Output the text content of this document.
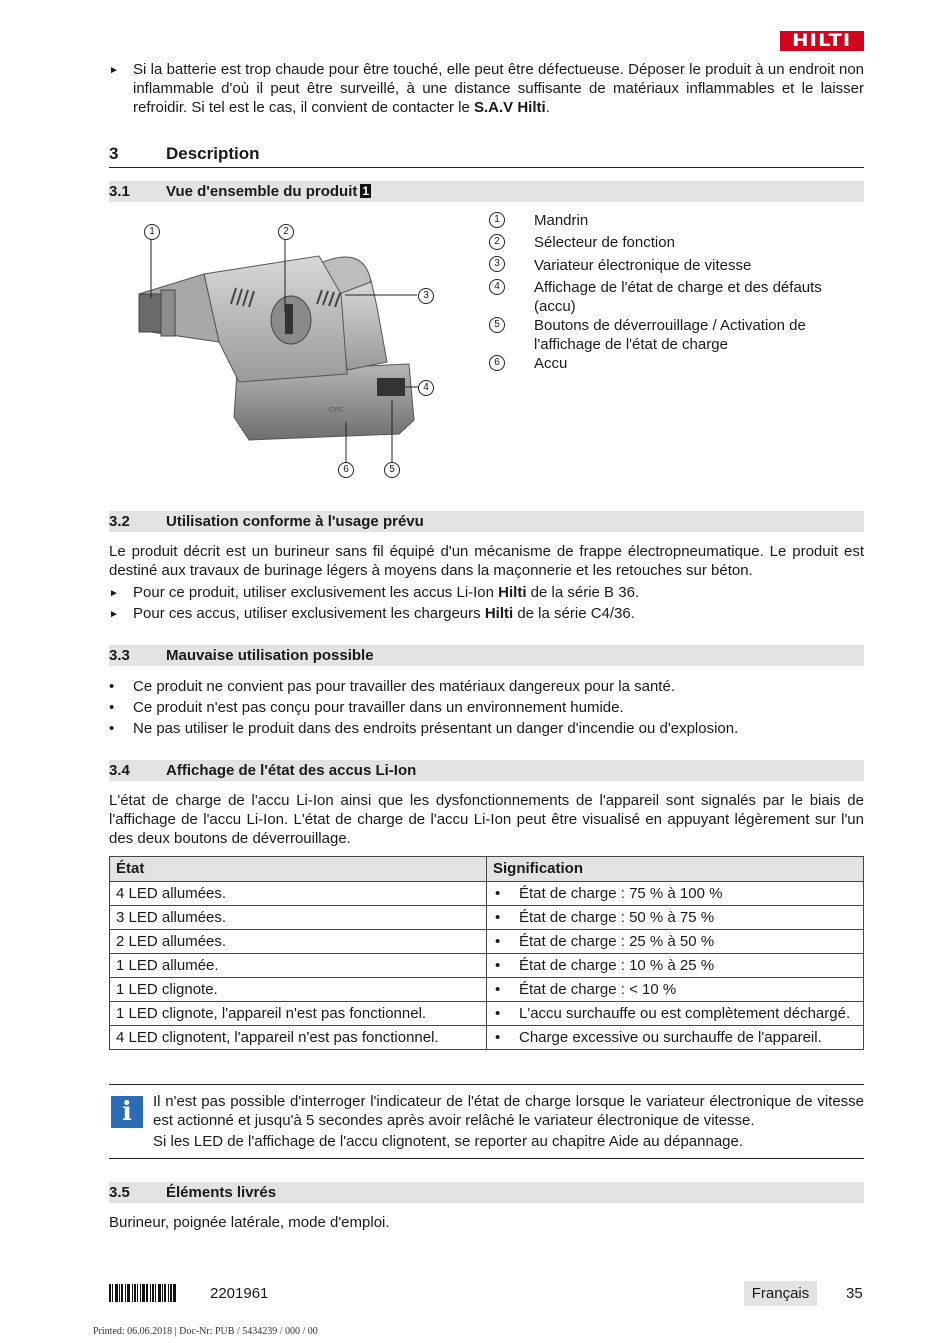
HILTI
► Si la batterie est trop chaude pour être touché, elle peut être défectueuse. Déposer le produit à un endroit non inflammable d'où il peut être surveillé, à une distance suffisante de matériaux inflammables et le laisser refroidir. Si tel est le cas, il convient de contacter le S.A.V Hilti.
3	Description
3.1 Vue d'ensemble du produit 1
CPC
1	2
3
4
5
6
1	Mandrin
2	Sélecteur de fonction
3	Variateur électronique de vitesse
4	Affichage de l'état de charge et des défauts (accu)
5	Boutons de déverrouillage / Activation de l'affichage de l'état de charge
6	Accu
3.2 Utilisation conforme à l'usage prévu
Le produit décrit est un burineur sans fil équipé d'un mécanisme de frappe électropneumatique. Le produit est destiné aux travaux de burinage légers à moyens dans la maçonnerie et les retouches sur béton.
► Pour ce produit, utiliser exclusivement les accus Li-Ion Hilti de la série B 36.
► Pour ces accus, utiliser exclusivement les chargeurs Hilti de la série C4/36.
3.3 Mauvaise utilisation possible
• Ce produit ne convient pas pour travailler des matériaux dangereux pour la santé.
• Ce produit n'est pas conçu pour travailler dans un environnement humide.
• Ne pas utiliser le produit dans des endroits présentant un danger d'incendie ou d'explosion.
3.4 Affichage de l'état des accus Li-Ion
L'état de charge de l'accu Li-Ion ainsi que les dysfonctionnements de l'appareil sont signalés par le biais de l'affichage de l'accu Li-Ion. L'état de charge de l'accu Li-Ion peut être visualisé en appuyant légèrement sur l'un des deux boutons de déverrouillage.
État	Signification
4 LED allumées.	• État de charge : 75 % à 100 %
3 LED allumées.	• État de charge : 50 % à 75 %
2 LED allumées.	• État de charge : 25 % à 50 %
1 LED allumée.	• État de charge : 10 % à 25 %
1 LED clignote.	• État de charge : < 10 %
1 LED clignote, l'appareil n'est pas fonctionnel.	• L'accu surchauffe ou est complètement déchargé.
4 LED clignotent, l'appareil n'est pas fonctionnel.	• Charge excessive ou surchauffe de l'appareil.
i	Il n'est pas possible d'interroger l'indicateur de l'état de charge lorsque le variateur électronique de vitesse est actionné et jusqu'à 5 secondes après avoir relâché le variateur électronique de vitesse.
Si les LED de l'affichage de l'accu clignotent, se reporter au chapitre Aide au dépannage.
3.5 Éléments livrés
Burineur, poignée latérale, mode d'emploi.
2201961	Français	35
Printed: 06.06.2018 | Doc-Nr: PUB / 5434239 / 000 / 00
